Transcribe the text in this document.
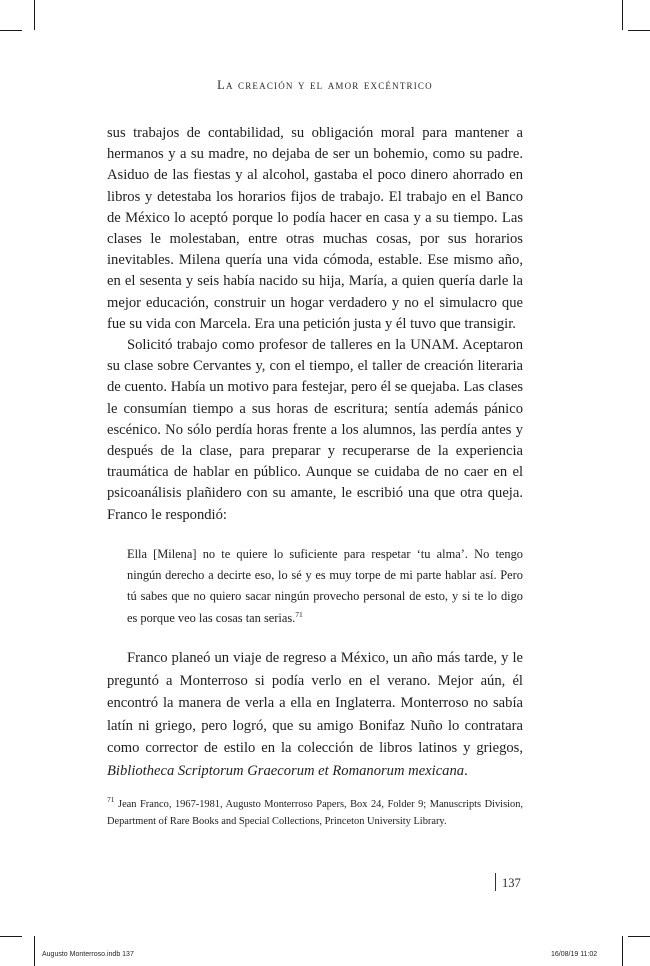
La creación y el amor excéntrico

sus trabajos de contabilidad, su obligación moral para mantener a hermanos y a su madre, no dejaba de ser un bohemio, como su padre. Asiduo de las fiestas y al alcohol, gastaba el poco dinero ahorrado en libros y detestaba los horarios fijos de trabajo. El trabajo en el Banco de México lo aceptó porque lo podía hacer en casa y a su tiempo. Las clases le molestaban, entre otras muchas cosas, por sus horarios inevitables. Milena quería una vida cómoda, estable. Ese mismo año, en el sesenta y seis había nacido su hija, María, a quien quería darle la mejor educación, construir un hogar verdadero y no el simulacro que fue su vida con Marcela. Era una petición justa y él tuvo que transigir.

Solicitó trabajo como profesor de talleres en la UNAM. Aceptaron su clase sobre Cervantes y, con el tiempo, el taller de creación literaria de cuento. Había un motivo para festejar, pero él se quejaba. Las clases le consumían tiempo a sus horas de escritura; sentía además pánico escénico. No sólo perdía horas frente a los alumnos, las perdía antes y después de la clase, para preparar y recuperarse de la experiencia traumática de hablar en público. Aunque se cuidaba de no caer en el psicoanálisis plañidero con su amante, le escribió una que otra queja. Franco le respondió:

Ella [Milena] no te quiere lo suficiente para respetar ‘tu alma’. No tengo ningún derecho a decirte eso, lo sé y es muy torpe de mi parte hablar así. Pero tú sabes que no quiero sacar ningún provecho personal de esto, y si te lo digo es porque veo las cosas tan serias.$^{71}$

Franco planeó un viaje de regreso a México, un año más tarde, y le preguntó a Monterroso si podía verlo en el verano. Mejor aún, él encontró la manera de verla a ella en Inglaterra. Monterroso no sabía latín ni griego, pero logró, que su amigo Bonifaz Nuño lo contratara como corrector de estilo en la colección de libros latinos y griegos, Bibliotheca Scriptorum Graecorum et Romanorum mexicana.

$^{71}$ Jean Franco, 1967-1981, Augusto Monterroso Papers, Box 24, Folder 9; Manuscripts Division, Department of Rare Books and Special Collections, Princeton University Library.
137
Augusto Monterroso.indb 137	16/08/19 11:02
